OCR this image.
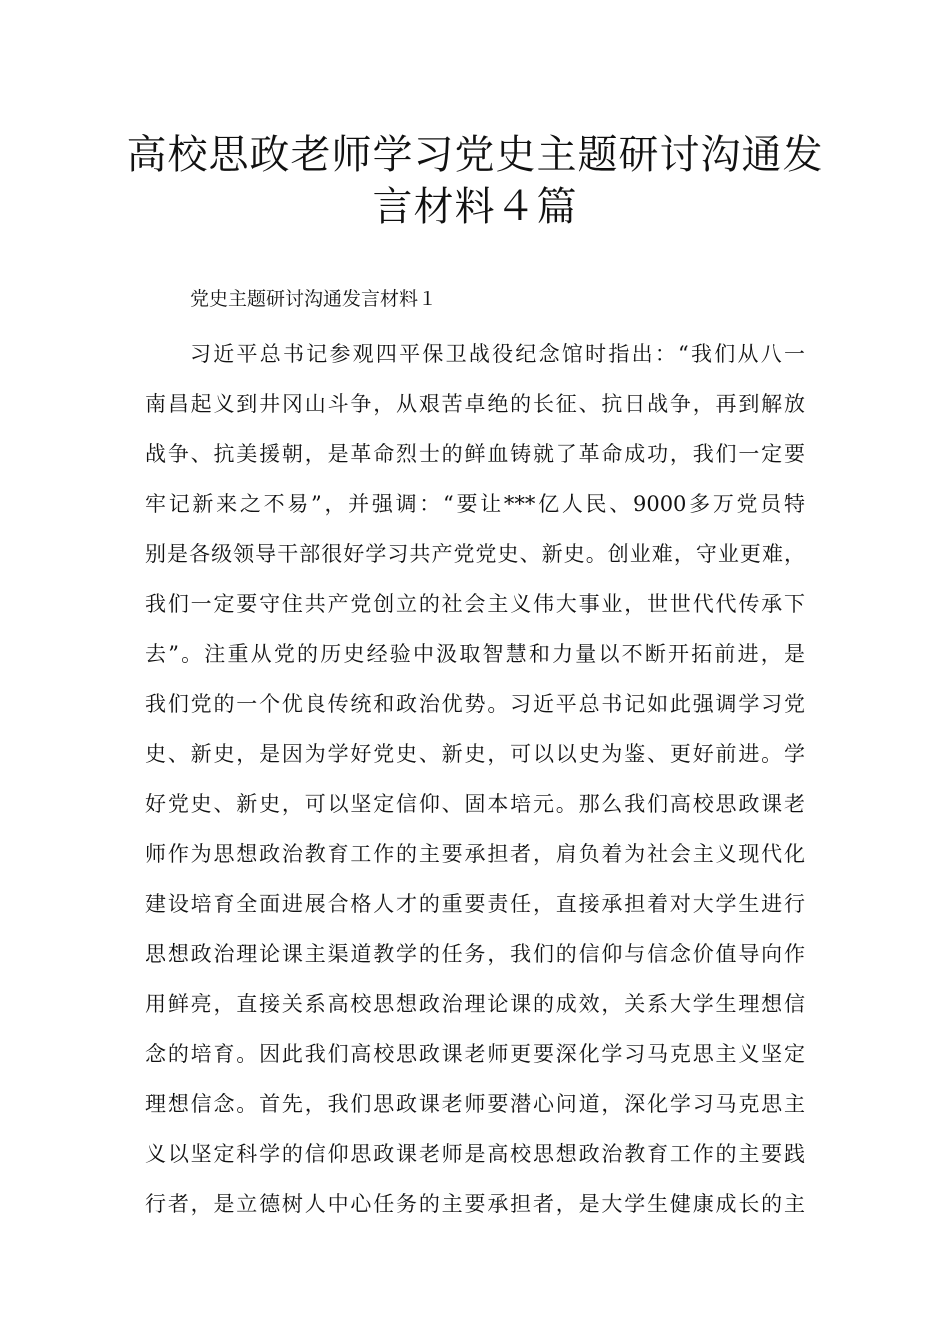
高校思政老师学习党史主题研讨沟通发
言材料４篇
党史主题研讨沟通发言材料１
习近平总书记参观四平保卫战役纪念馆时指出：“我们从八一
南昌起义到井冈山斗争，从艰苦卓绝的长征、抗日战争，再到解放
战争、抗美援朝，是革命烈士的鲜血铸就了革命成功，我们一定要
牢记新来之不易”，并强调：“要让***亿人民、9000多万党员特
别是各级领导干部很好学习共产党党史、新史。创业难，守业更难，
我们一定要守住共产党创立的社会主义伟大事业，世世代代传承下
去”。注重从党的历史经验中汲取智慧和力量以不断开拓前进，是
我们党的一个优良传统和政治优势。习近平总书记如此强调学习党
史、新史，是因为学好党史、新史，可以以史为鉴、更好前进。学
好党史、新史，可以坚定信仰、固本培元。那么我们高校思政课老
师作为思想政治教育工作的主要承担者，肩负着为社会主义现代化
建设培育全面进展合格人才的重要责任，直接承担着对大学生进行
思想政治理论课主渠道教学的任务，我们的信仰与信念价值导向作
用鲜亮，直接关系高校思想政治理论课的成效，关系大学生理想信
念的培育。因此我们高校思政课老师更要深化学习马克思主义坚定
理想信念。首先，我们思政课老师要潜心问道，深化学习马克思主
义以坚定科学的信仰思政课老师是高校思想政治教育工作的主要践
行者，是立德树人中心任务的主要承担者，是大学生健康成长的主
